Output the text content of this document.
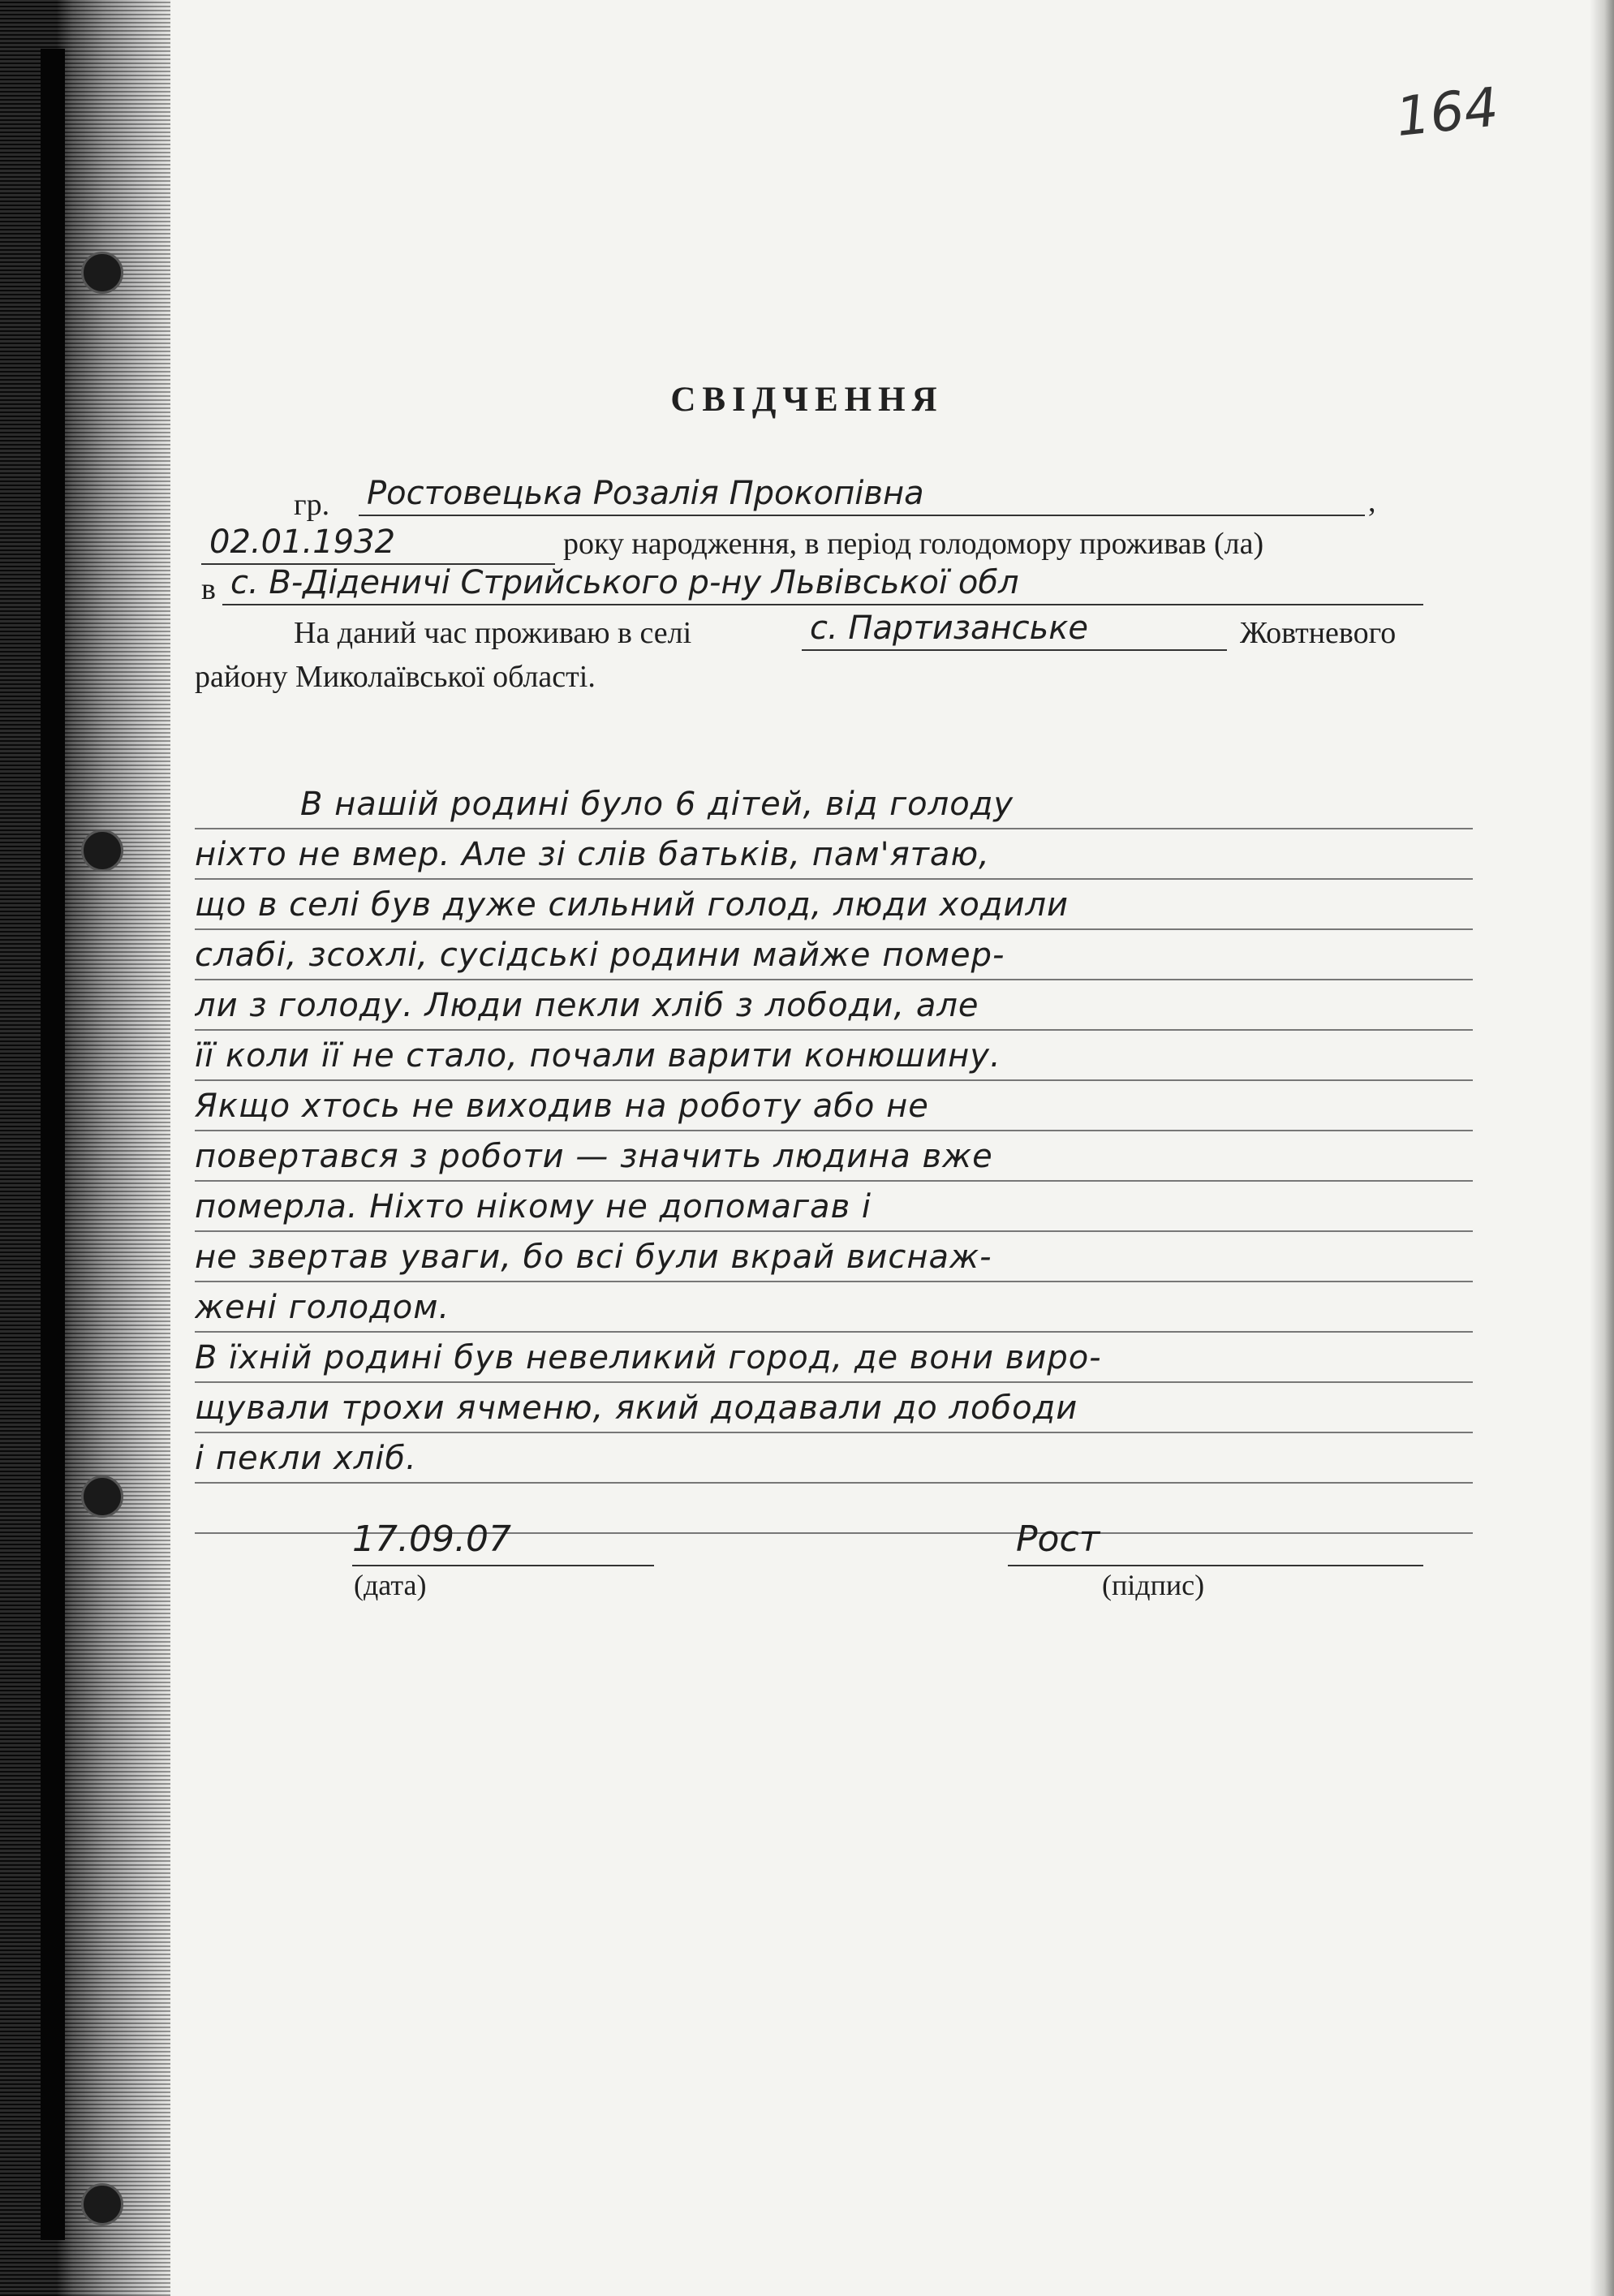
164
СВІДЧЕННЯ
гр. Ростовецька Розалія Прокопівна	,
02.01.1932	року народження, в період голодомору проживав (ла)
в с. В-Діденичі Стрийського р-ну Львівської обл
На даний час проживаю в селі	с. Партизанське	Жовтневого
району Миколаївської області.
В нашій родині було 6 дітей, від голоду
ніхто не вмер. Але зі слів батьків, пам'ятаю,
що в селі був дуже сильний голод, люди ходили
слабі, зсохлі, сусідські родини майже помер-
ли з голоду. Люди пекли хліб з лободи, але
її коли її не стало, почали варити конюшину.
Якщо хтось не виходив на роботу або не
повертався з роботи — значить людина вже
померла. Ніхто нікому не допомагав і
не звертав уваги, бо всі були вкрай виснаж-
жені голодом.
В їхній родині був невеликий город, де вони виро-
щували трохи ячменю, який додавали до лободи
і пекли хліб.
17.09.07
(дата)
Рост
(підпис)
